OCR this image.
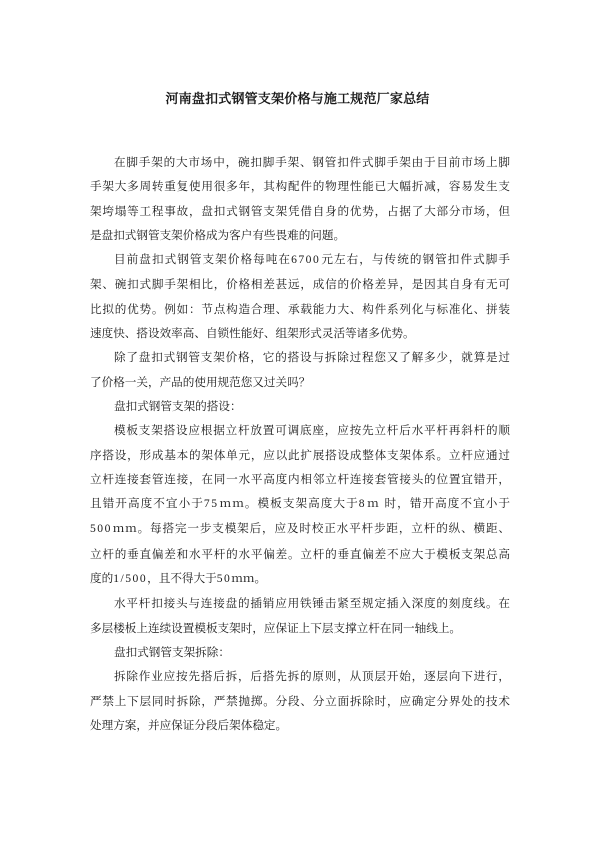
河南盘扣式钢管支架价格与施工规范厂家总结
在脚手架的大市场中，碗扣脚手架、钢管扣件式脚手架由于目前市场上脚
手架大多周转重复使用很多年，其构配件的物理性能已大幅折减，容易发生支
架垮塌等工程事故，盘扣式钢管支架凭借自身的优势，占据了大部分市场，但
是盘扣式钢管支架价格成为客户有些畏难的问题。
目前盘扣式钢管支架价格每吨在6700元左右，与传统的钢管扣件式脚手
架、碗扣式脚手架相比，价格相差甚远，成信的价格差异，是因其自身有无可
比拟的优势。例如：节点构造合理、承载能力大、构件系列化与标准化、拼装
速度快、搭设效率高、自锁性能好、组架形式灵活等诸多优势。
除了盘扣式钢管支架价格，它的搭设与拆除过程您又了解多少，就算是过
了价格一关，产品的使用规范您又过关吗？
盘扣式钢管支架的搭设：
模板支架搭设应根据立杆放置可调底座，应按先立杆后水平杆再斜杆的顺
序搭设，形成基本的架体单元，应以此扩展搭设成整体支架体系。立杆应通过
立杆连接套管连接，在同一水平高度内相邻立杆连接套管接头的位置宜错开，
且错开高度不宜小于75ｍｍ。模板支架高度大于8ｍ 时，错开高度不宜小于
500ｍｍ。每搭完一步支模架后，应及时校正水平杆步距，立杆的纵、横距、
立杆的垂直偏差和水平杆的水平偏差。立杆的垂直偏差不应大于模板支架总高
度的1/500，且不得大于50ｍｍ。
水平杆扣接头与连接盘的插销应用铁锤击紧至规定插入深度的刻度线。在
多层楼板上连续设置模板支架时，应保证上下层支撑立杆在同一轴线上。
盘扣式钢管支架拆除：
拆除作业应按先搭后拆，后搭先拆的原则，从顶层开始，逐层向下进行，
严禁上下层同时拆除，严禁抛掷。分段、分立面拆除时，应确定分界处的技术
处理方案，并应保证分段后架体稳定。
